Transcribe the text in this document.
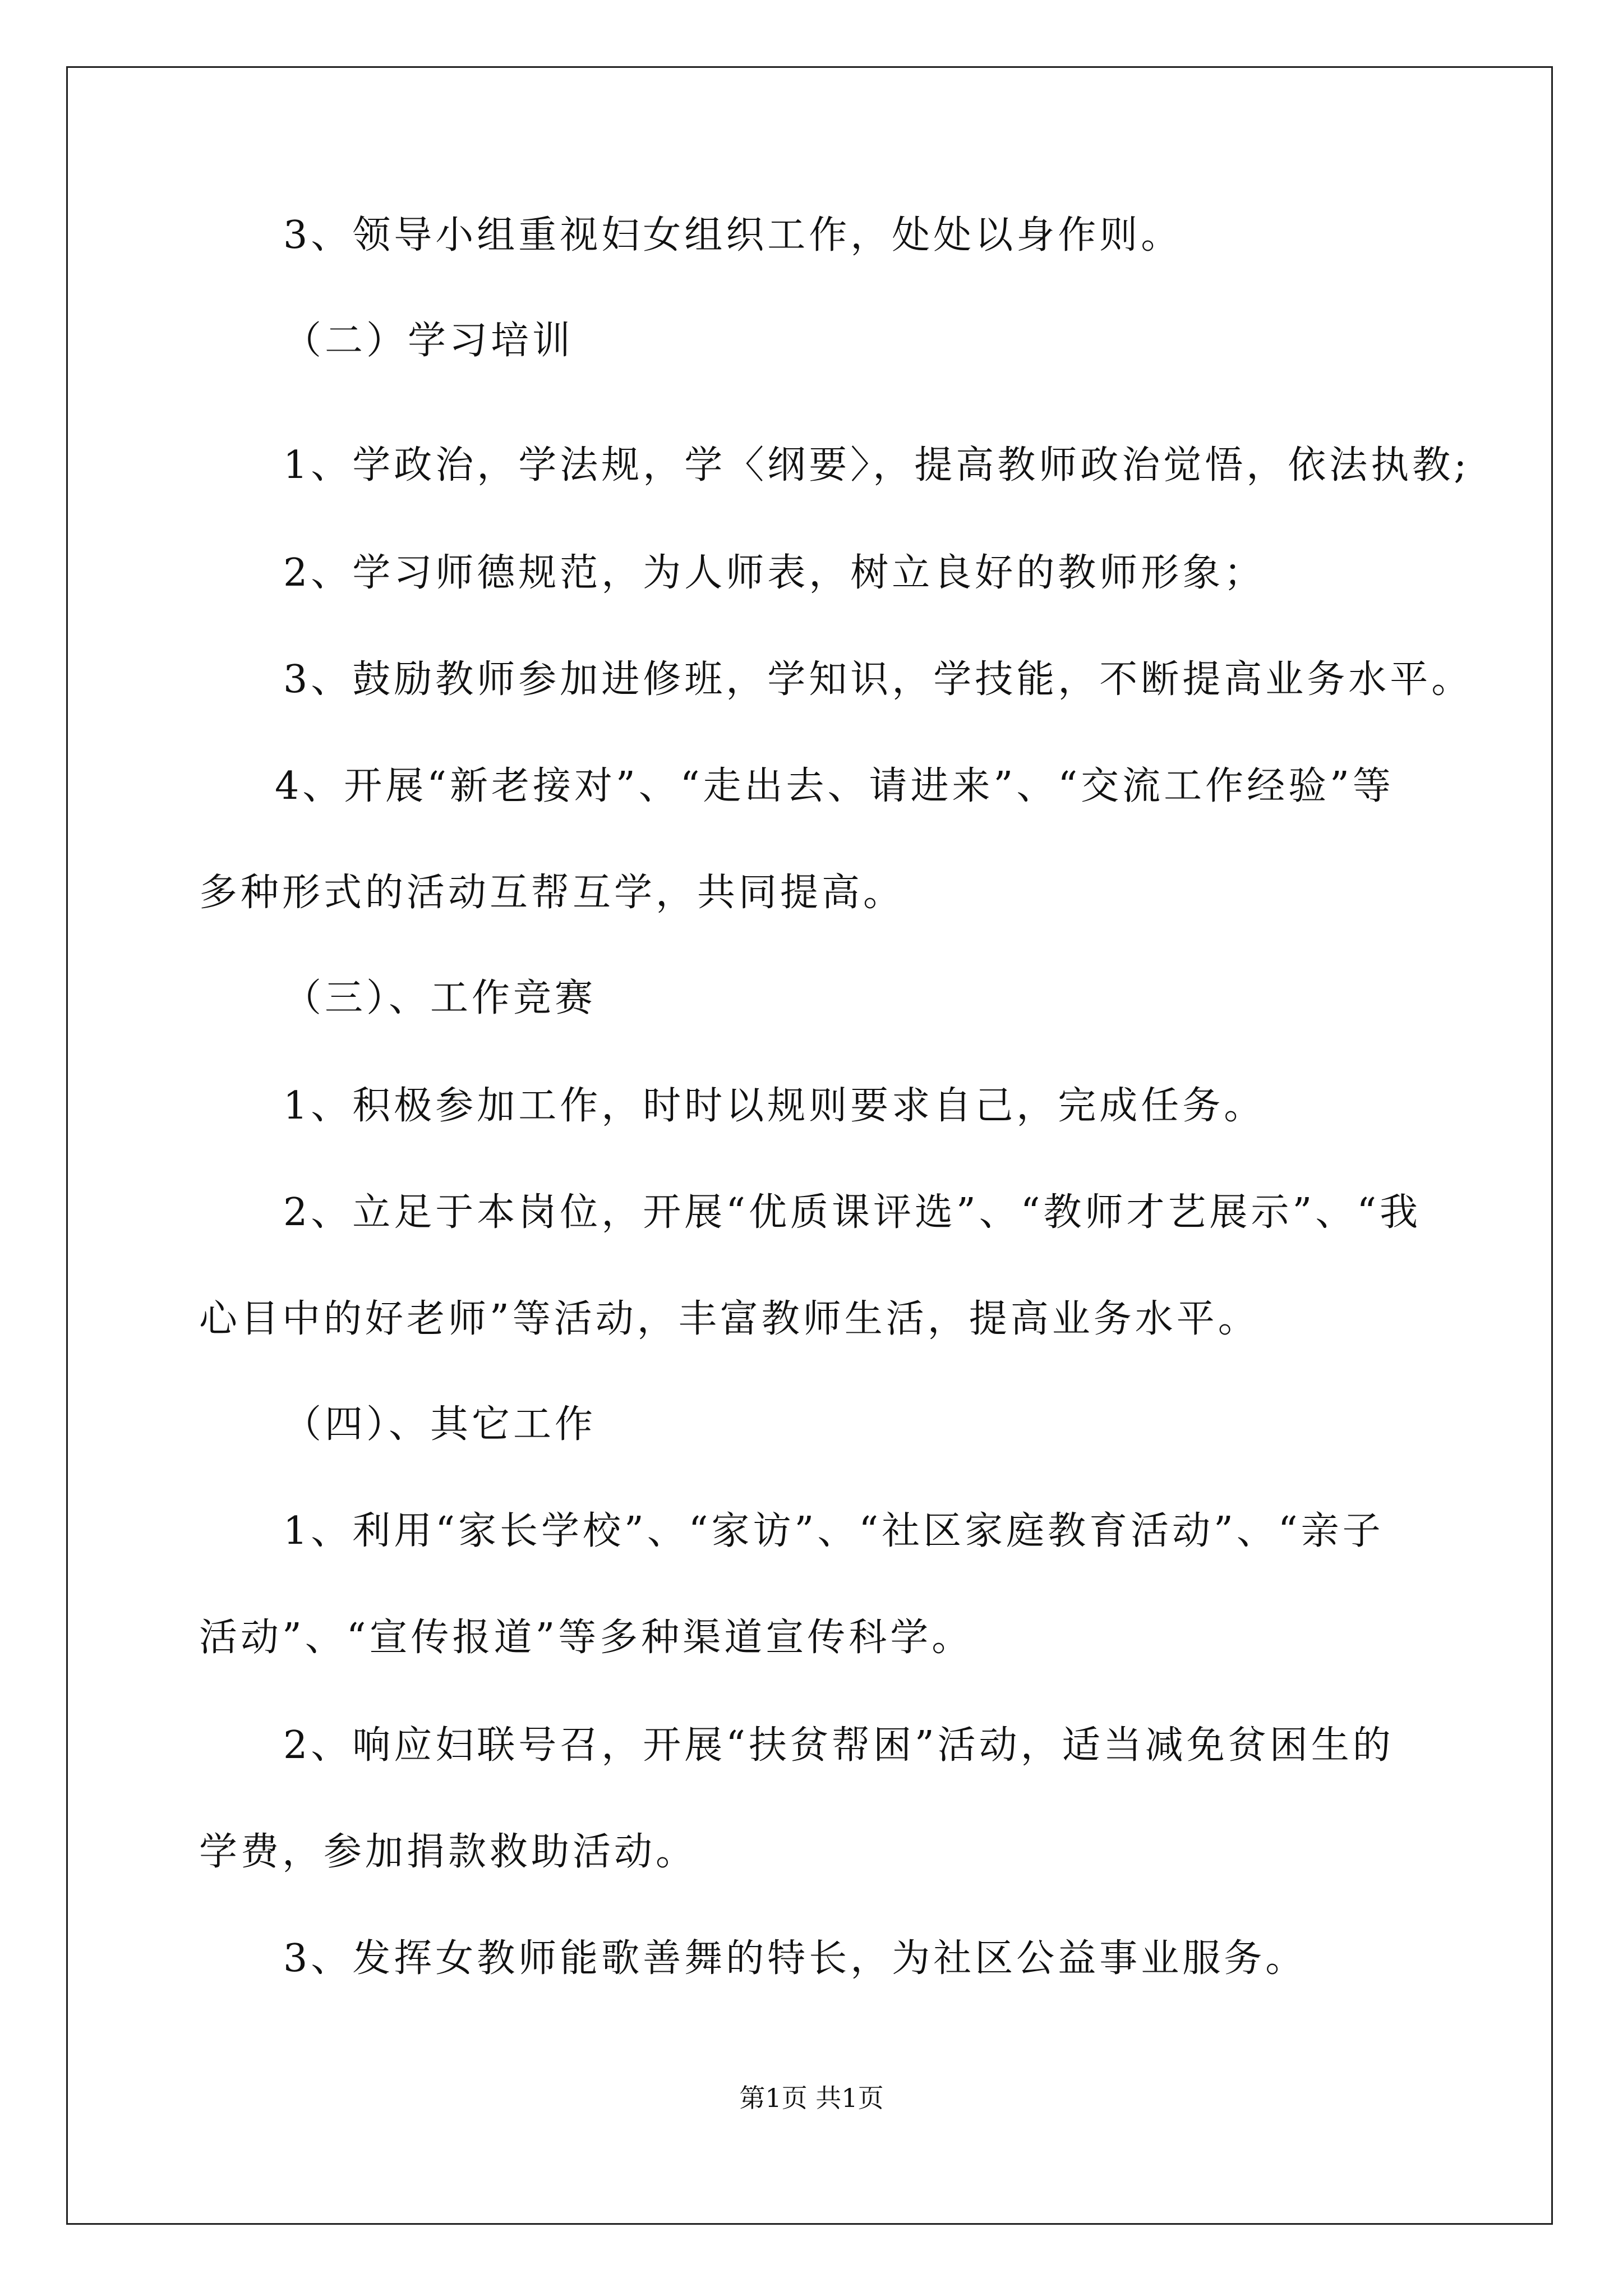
3、领导小组重视妇女组织工作，处处以身作则。
（二）学习培训
1、学政治，学法规，学〈纲要〉，提高教师政治觉悟，依法执教;
2、学习师德规范，为人师表，树立良好的教师形象；
3、鼓励教师参加进修班，学知识，学技能，不断提高业务水平。
4、开展“新老接对”、“走出去、请进来”、“交流工作经验”等
多种形式的活动互帮互学，共同提高。
（三）、工作竞赛
1、积极参加工作，时时以规则要求自己，完成任务。
2、立足于本岗位，开展“优质课评选”、“教师才艺展示”、“我
心目中的好老师”等活动，丰富教师生活，提高业务水平。
（四）、其它工作
1、利用“家长学校”、“家访”、“社区家庭教育活动”、“亲子
活动”、“宣传报道”等多种渠道宣传科学。
2、响应妇联号召，开展“扶贫帮困”活动，适当减免贫困生的
学费，参加捐款救助活动。
3、发挥女教师能歌善舞的特长，为社区公益事业服务。
第1页 共1页
